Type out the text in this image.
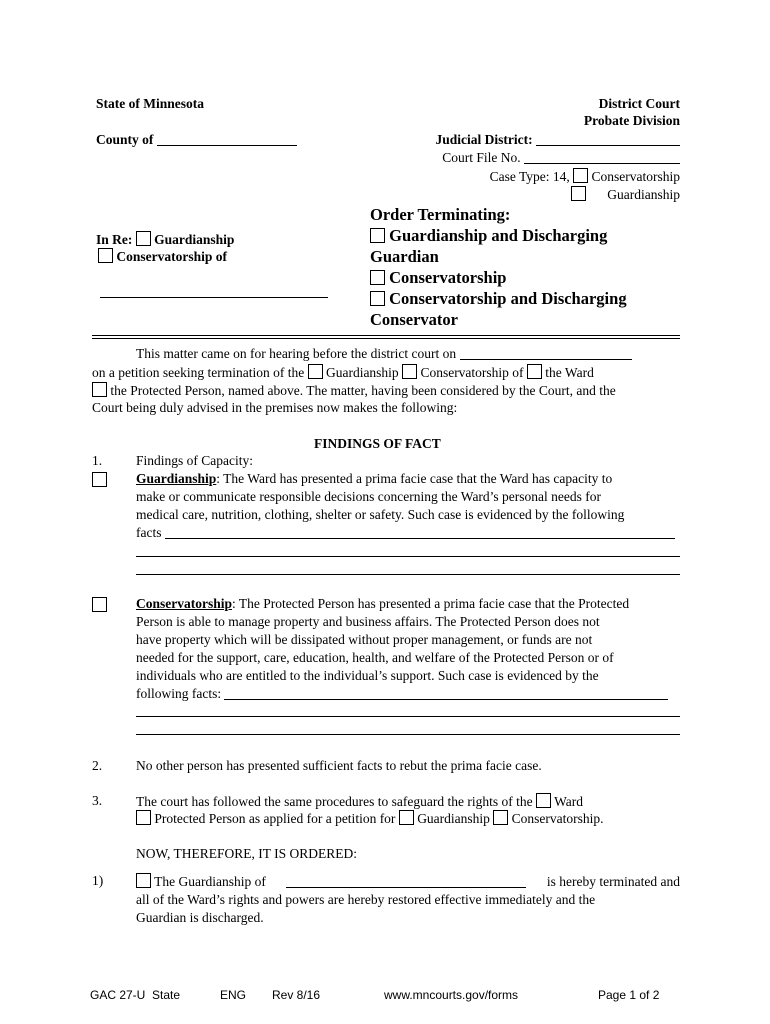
State of Minnesota
County of
District Court
Probate Division
Judicial District:
Court File No.
Case Type: 14, Conservatorship
Guardianship
In Re: Guardianship
Conservatorship of
Order Terminating:
Guardianship and Discharging
Guardian
Conservatorship
Conservatorship and Discharging
Conservator
This matter came on for hearing before the district court on
on a petition seeking termination of the Guardianship Conservatorship of the Ward
the Protected Person, named above. The matter, having been considered by the Court, and the
Court being duly advised in the premises now makes the following:
FINDINGS OF FACT
1.	Findings of Capacity:
Guardianship: The Ward has presented a prima facie case that the Ward has capacity to
make or communicate responsible decisions concerning the Ward’s personal needs for
medical care, nutrition, clothing, shelter or safety. Such case is evidenced by the following
facts
Conservatorship: The Protected Person has presented a prima facie case that the Protected
Person is able to manage property and business affairs. The Protected Person does not
have property which will be dissipated without proper management, or funds are not
needed for the support, care, education, health, and welfare of the Protected Person or of
individuals who are entitled to the individual’s support. Such case is evidenced by the
following facts:
2.	No other person has presented sufficient facts to rebut the prima facie case.
3.	The court has followed the same procedures to safeguard the rights of the Ward
Protected Person as applied for a petition for Guardianship Conservatorship.
NOW, THEREFORE, IT IS ORDERED:
1)	The Guardianship of	is hereby terminated and
all of the Ward’s rights and powers are hereby restored effective immediately and the
Guardian is discharged.
GAC 27-U State	ENG Rev 8/16	www.mncourts.gov/forms	Page 1 of 2
